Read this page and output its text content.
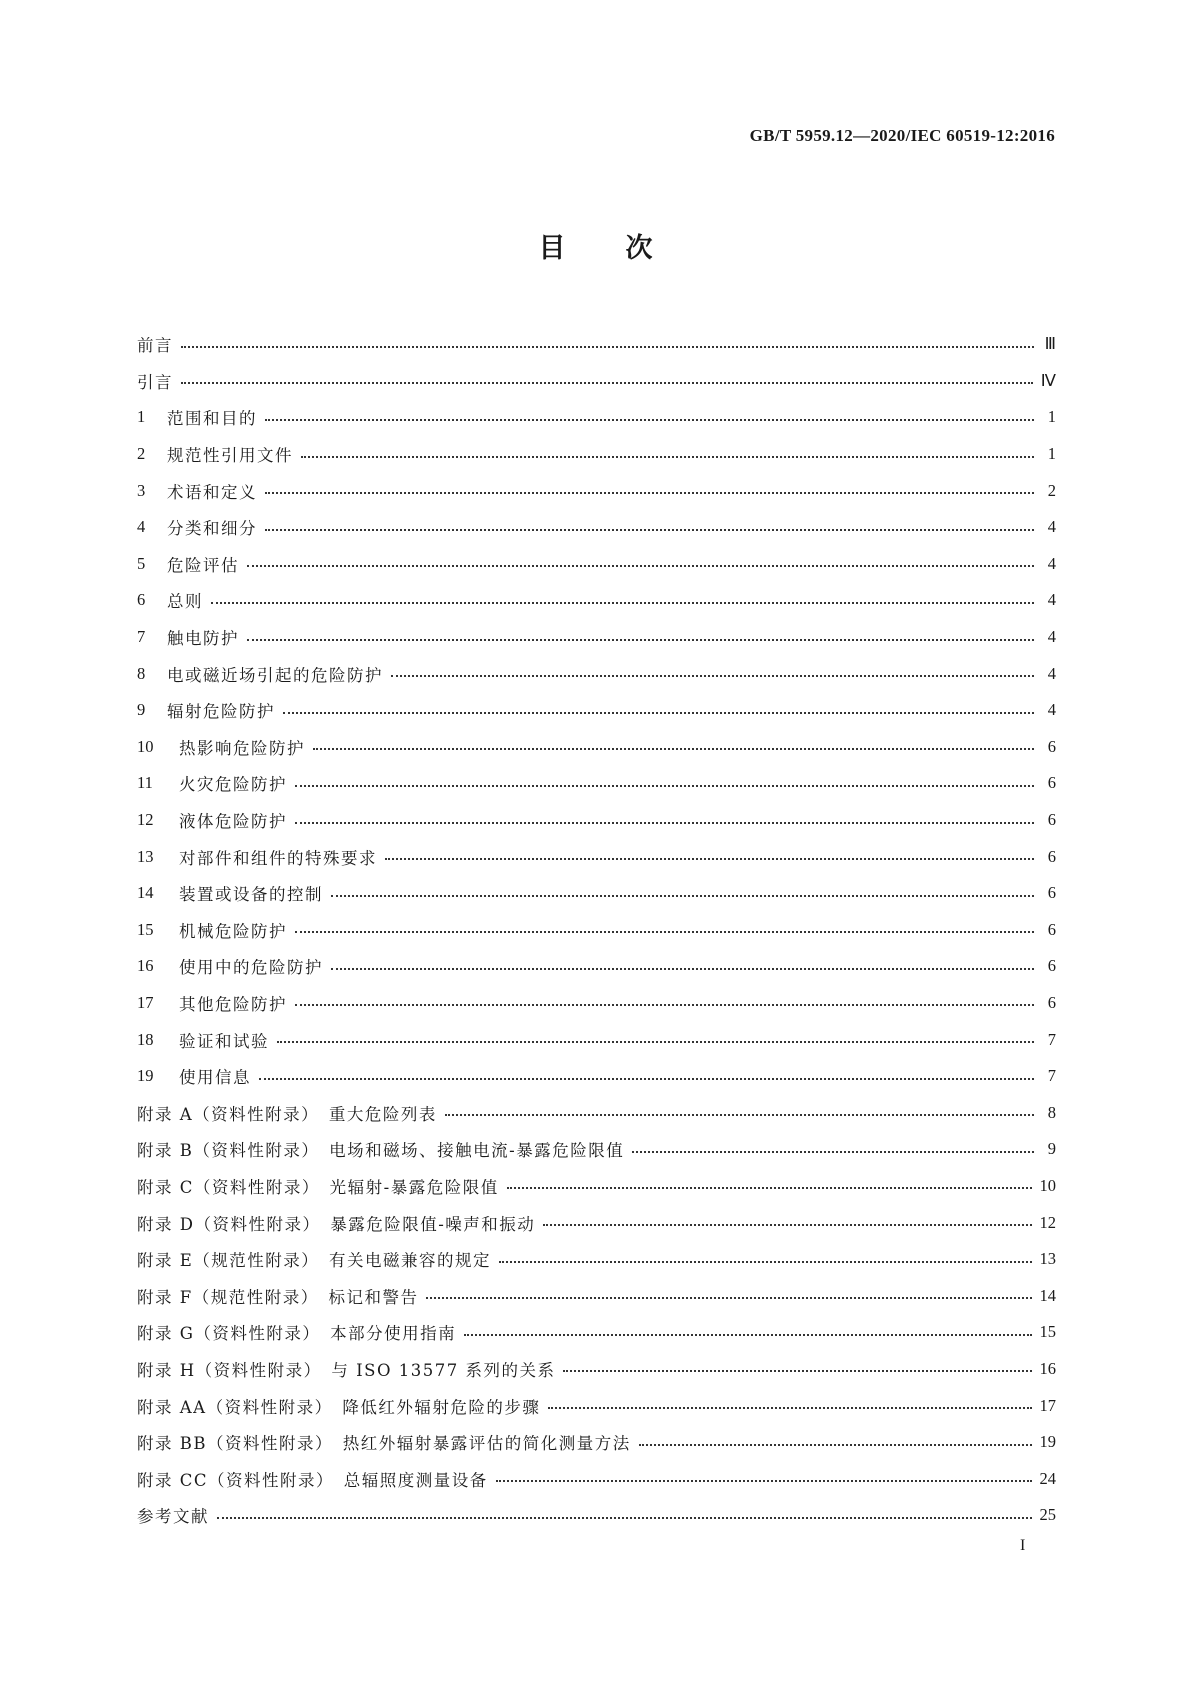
GB/T 5959.12—2020/IEC 60519-12:2016
目 次
前言	Ⅲ
引言	Ⅳ
1	范围和目的	1
2	规范性引用文件	1
3	术语和定义	2
4	分类和细分	4
5	危险评估	4
6	总则	4
7	触电防护	4
8	电或磁近场引起的危险防护	4
9	辐射危险防护	4
10	热影响危险防护	6
11	火灾危险防护	6
12	液体危险防护	6
13	对部件和组件的特殊要求	6
14	装置或设备的控制	6
15	机械危险防护	6
16	使用中的危险防护	6
17	其他危险防护	6
18	验证和试验	7
19	使用信息	7
附录 A（资料性附录）　重大危险列表	8
附录 B（资料性附录）　电场和磁场、接触电流-暴露危险限值	9
附录 C（资料性附录）　光辐射-暴露危险限值	10
附录 D（资料性附录）　暴露危险限值-噪声和振动	12
附录 E（规范性附录）　有关电磁兼容的规定	13
附录 F（规范性附录）　标记和警告	14
附录 G（资料性附录）　本部分使用指南	15
附录 H（资料性附录）　与 ISO 13577 系列的关系	16
附录 AA（资料性附录）　降低红外辐射危险的步骤	17
附录 BB（资料性附录）　热红外辐射暴露评估的简化测量方法	19
附录 CC（资料性附录）　总辐照度测量设备	24
参考文献	25
I
